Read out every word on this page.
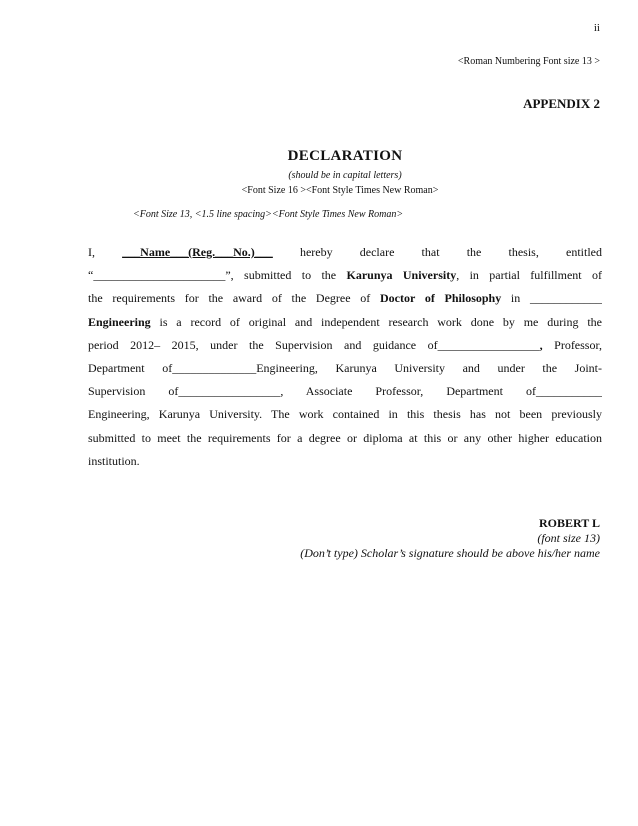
ii
<Roman Numbering Font size 13 >
APPENDIX 2
DECLARATION
(should be in capital letters)
<Font Size 16 ><Font Style Times New Roman>
<Font Size 13, <1.5 line spacing><Font Style Times New Roman>
I, ___Name___(Reg.___No.)___ hereby declare that the thesis, entitled
“______________________”, submitted to the Karunya University, in partial fulfillment of
the requirements for the award of the Degree of Doctor of Philosophy in ____________
Engineering is a record of original and independent research work done by me during the
period 2012– 2015, under the Supervision and guidance of_________________, Professor,
Department of______________Engineering, Karunya University and under the Joint-
Supervision of_________________, Associate Professor, Department of___________
Engineering, Karunya University. The work contained in this thesis has not been previously
submitted to meet the requirements for a degree or diploma at this or any other higher education
institution.
ROBERT L
(font size 13)
(Don’t type) Scholar’s signature should be above his/her name
